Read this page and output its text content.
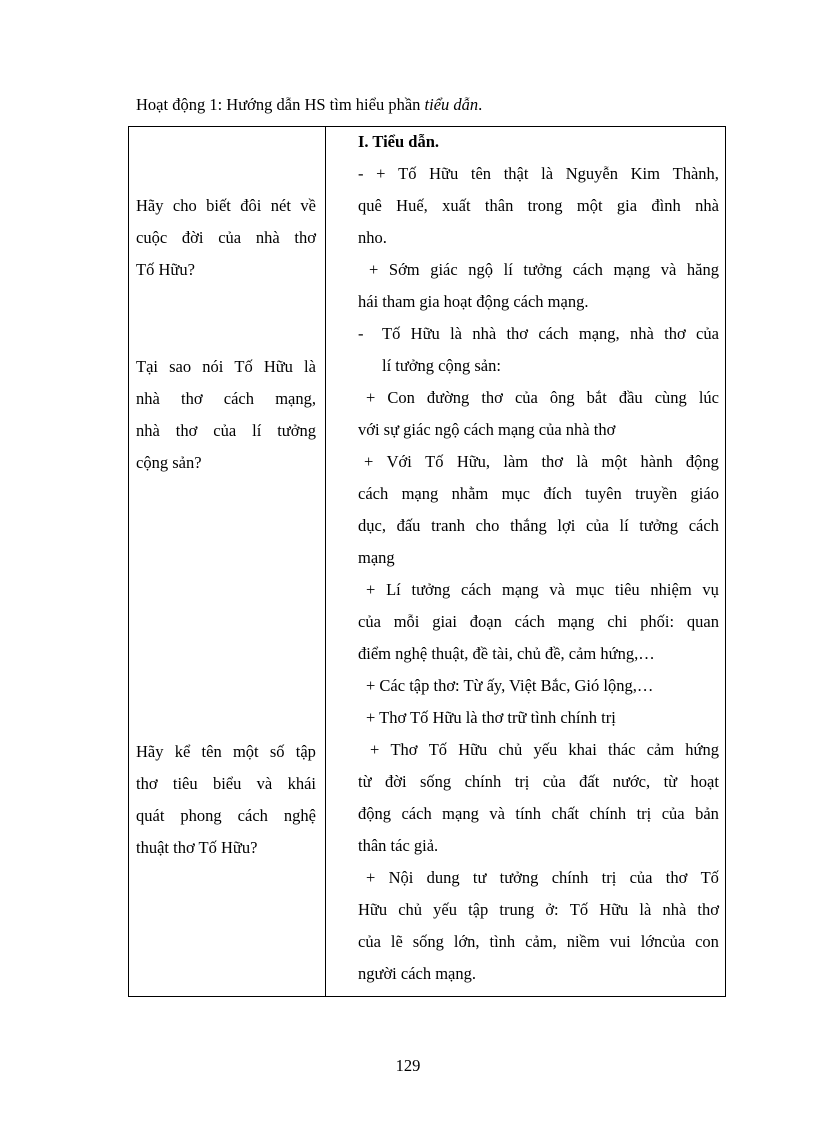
Hoạt động 1: Hướng dẫn HS tìm hiểu phần tiểu dẫn.
Hãy cho biết đôi nét về
cuộc đời của nhà thơ
Tố Hữu?
Tại sao nói Tố Hữu là
nhà thơ cách mạng,
nhà thơ của lí tưởng
cộng sản?
Hãy kể tên một số tập
thơ tiêu biểu và khái
quát phong cách nghệ
thuật thơ Tố Hữu?
I. Tiểu dẫn.
- + Tố Hữu tên thật là Nguyễn Kim Thành,
quê Huế, xuất thân trong một gia đình nhà
nho.
+ Sớm giác ngộ lí tưởng cách mạng và hăng
hái tham gia hoạt động cách mạng.
- Tố Hữu là nhà thơ cách mạng, nhà thơ của
lí tưởng cộng sản:
+ Con đường thơ của ông bắt đầu cùng lúc
với sự giác ngộ cách mạng của nhà thơ
+ Với Tố Hữu, làm thơ là một hành động
cách mạng nhằm mục đích tuyên truyền giáo
dục, đấu tranh cho thắng lợi của lí tưởng cách
mạng
+ Lí tưởng cách mạng và mục tiêu nhiệm vụ
của mỗi giai đoạn cách mạng chi phối: quan
điểm nghệ thuật, đề tài, chủ đề, cảm hứng,…
+ Các tập thơ: Từ ấy, Việt Bắc, Gió lộng,…
+ Thơ Tố Hữu là thơ trữ tình chính trị
+ Thơ Tố Hữu chủ yếu khai thác cảm hứng
từ đời sống chính trị của đất nước, từ hoạt
động cách mạng và tính chất chính trị của bản
thân tác giả.
+ Nội dung tư tưởng chính trị của thơ Tố
Hữu chủ yếu tập trung ở: Tố Hữu là nhà thơ
của lẽ sống lớn, tình cảm, niềm vui lớncủa con
người cách mạng.
129
